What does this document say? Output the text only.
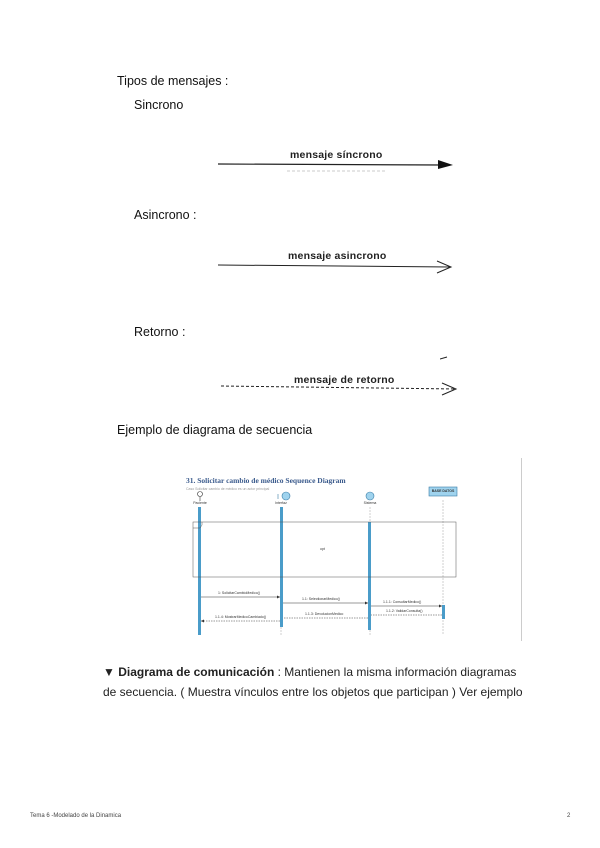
Tipos de mensajes :
Sincrono
mensaje síncrono
Asincrono :
mensaje asincrono
Retorno :
mensaje de retorno
Ejemplo de diagrama de secuencia
31. Solicitar cambio de médico Sequence Diagram
Caso Solicitar cambio de médico es un actor principal
Paciente	Interfaz	Sistema
BASE DATOS
opt
1: SolicitarCambioMedico()
1.1: SelectionarMedico()
1.1.1: ConsultarMedico()
1.1.2: ValidarConsulta()
1.1.3: DevolucionMedico
1.1.4: MostrarMedicoCambiado()
▼ Diagrama de comunicación : Mantienen la misma información diagramas
de secuencia. ( Muestra vínculos entre los objetos que participan ) Ver ejemplo
Tema 6 -Modelado de la Dinamica	2
